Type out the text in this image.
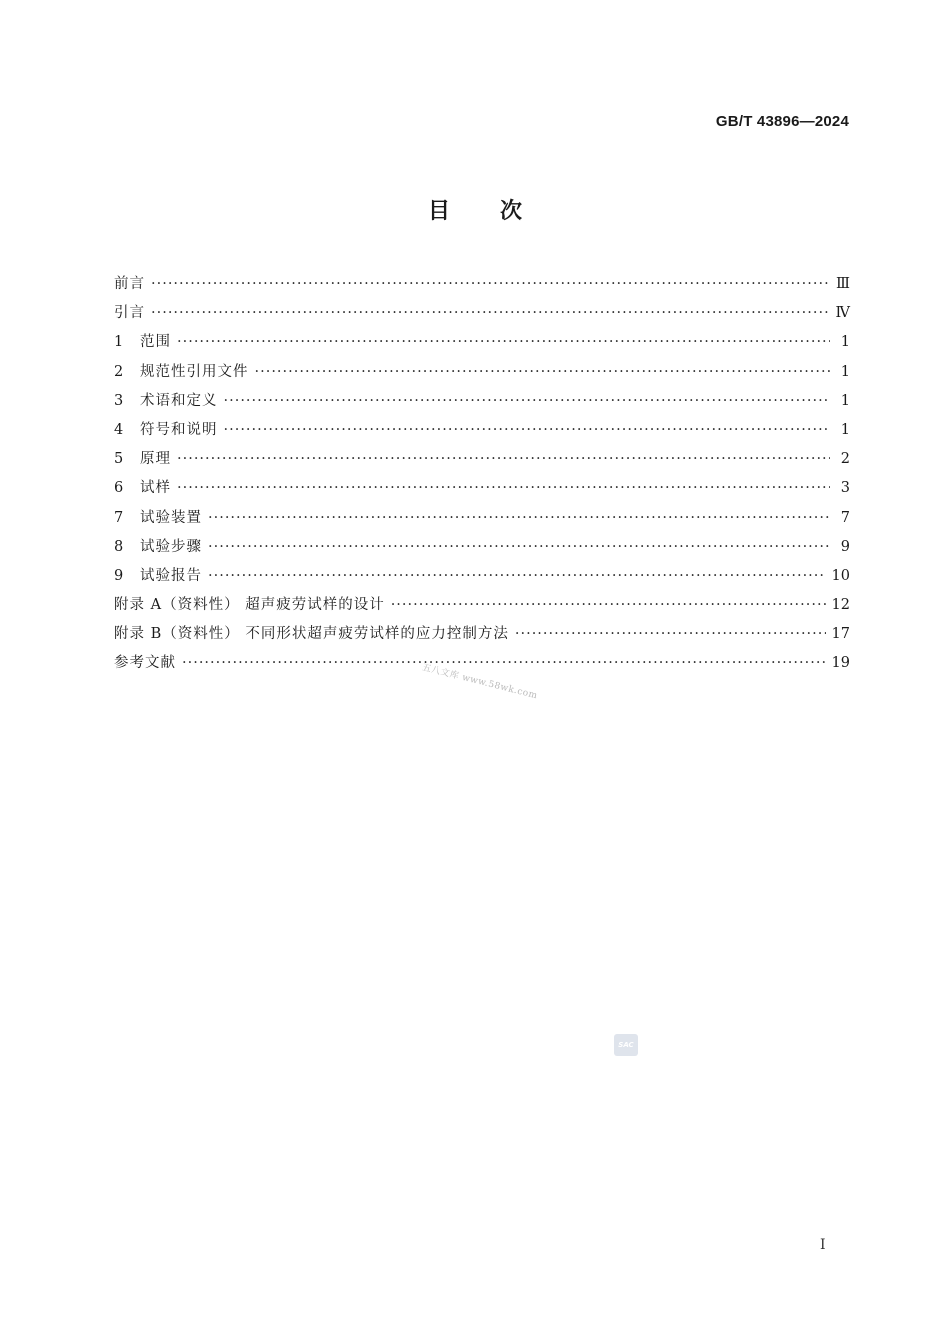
GB/T 43896—2024
目次
前言 ·····	Ⅲ
引言 ·····	Ⅳ
1	范围 ·····	1
2	规范性引用文件 ·····	1
3	术语和定义 ·····	1
4	符号和说明 ·····	1
5	原理 ·····	2
6	试样 ·····	3
7	试验装置 ·····	7
8	试验步骤 ·····	9
9	试验报告 ·····	10
附录 A（资料性） 超声疲劳试样的设计 ·····	12
附录 B（资料性） 不同形状超声疲劳试样的应力控制方法 ·····	17
参考文献 ·····	19
五八文库 www.58wk.com
SAC
I
